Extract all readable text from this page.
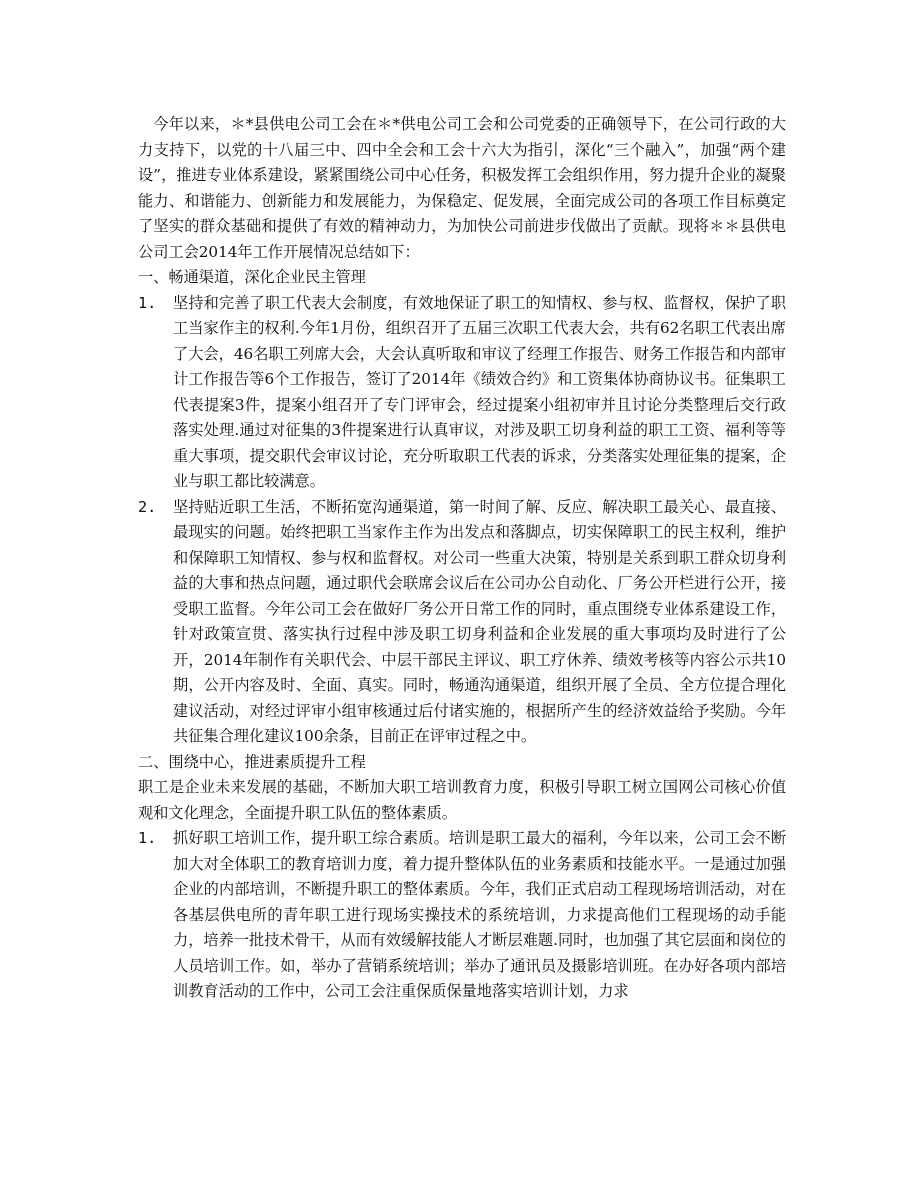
今年以来，＊*县供电公司工会在＊*供电公司工会和公司党委的正确领导下，在公司行政的大力支持下，以党的十八届三中、四中全会和工会十六大为指引，深化“三个融入”，加强“两个建设”，推进专业体系建设，紧紧围绕公司中心任务，积极发挥工会组织作用，努力提升企业的凝聚能力、和谐能力、创新能力和发展能力，为保稳定、促发展，全面完成公司的各项工作目标奠定了坚实的群众基础和提供了有效的精神动力，为加快公司前进步伐做出了贡献。现将＊＊县供电公司工会2014年工作开展情况总结如下：

一、畅通渠道，深化企业民主管理

1.	坚持和完善了职工代表大会制度，有效地保证了职工的知情权、参与权、监督权，保护了职工当家作主的权利.今年1月份，组织召开了五届三次职工代表大会，共有62名职工代表出席了大会，46名职工列席大会，大会认真听取和审议了经理工作报告、财务工作报告和内部审计工作报告等6个工作报告，签订了2014年《绩效合约》和工资集体协商协议书。征集职工代表提案3件，提案小组召开了专门评审会，经过提案小组初审并且讨论分类整理后交行政落实处理.通过对征集的3件提案进行认真审议，对涉及职工切身利益的职工工资、福利等等重大事项，提交职代会审议讨论，充分听取职工代表的诉求，分类落实处理征集的提案，企业与职工都比较满意。
2.	坚持贴近职工生活，不断拓宽沟通渠道，第一时间了解、反应、解决职工最关心、最直接、最现实的问题。始终把职工当家作主作为出发点和落脚点，切实保障职工的民主权利，维护和保障职工知情权、参与权和监督权。对公司一些重大决策，特别是关系到职工群众切身利益的大事和热点问题，通过职代会联席会议后在公司办公自动化、厂务公开栏进行公开，接受职工监督。今年公司工会在做好厂务公开日常工作的同时，重点围绕专业体系建设工作，针对政策宣贯、落实执行过程中涉及职工切身利益和企业发展的重大事项均及时进行了公开，2014年制作有关职代会、中层干部民主评议、职工疗休养、绩效考核等内容公示共10期，公开内容及时、全面、真实。同时，畅通沟通渠道，组织开展了全员、全方位提合理化建议活动，对经过评审小组审核通过后付诸实施的，根据所产生的经济效益给予奖励。今年共征集合理化建议100余条，目前正在评审过程之中。

二、围绕中心，推进素质提升工程

职工是企业未来发展的基础，不断加大职工培训教育力度，积极引导职工树立国网公司核心价值观和文化理念，全面提升职工队伍的整体素质。

1.	抓好职工培训工作，提升职工综合素质。培训是职工最大的福利，今年以来，公司工会不断加大对全体职工的教育培训力度，着力提升整体队伍的业务素质和技能水平。一是通过加强企业的内部培训，不断提升职工的整体素质。今年，我们正式启动工程现场培训活动，对在各基层供电所的青年职工进行现场实操技术的系统培训，力求提高他们工程现场的动手能力，培养一批技术骨干，从而有效缓解技能人才断层难题.同时，也加强了其它层面和岗位的人员培训工作。如，举办了营销系统培训；举办了通讯员及摄影培训班。在办好各项内部培训教育活动的工作中，公司工会注重保质保量地落实培训计划，力求
